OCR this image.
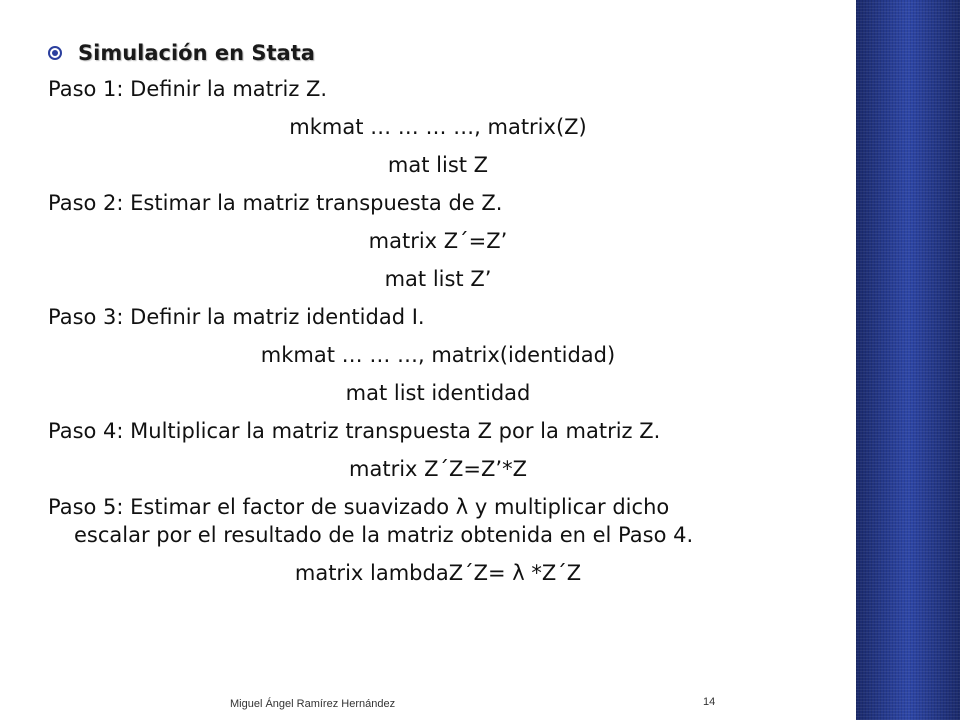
Simulación en Stata
Paso 1: Definir la matriz Z.
mkmat … … … …, matrix(Z)
mat list Z
Paso 2: Estimar la matriz transpuesta de Z.
matrix Z´=Z’
mat list Z’
Paso 3: Definir la matriz identidad I.
mkmat … … …, matrix(identidad)
mat list identidad
Paso 4: Multiplicar la matriz transpuesta Z por la matriz Z.
matrix Z´Z=Z’*Z
Paso 5: Estimar el factor de suavizado λ y multiplicar dicho
escalar por el resultado de la matriz obtenida en el Paso 4.
matrix lambdaZ´Z= λ *Z´Z
Miguel Ángel Ramírez Hernández	14
